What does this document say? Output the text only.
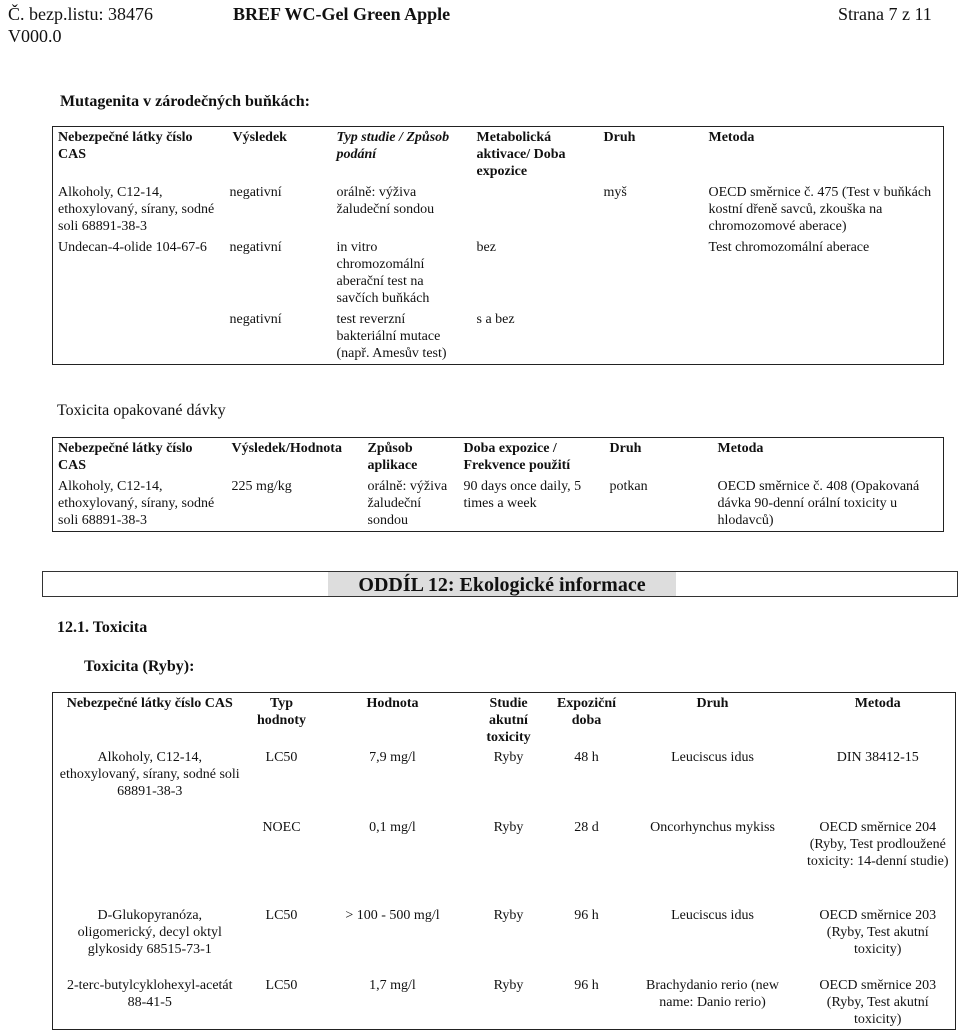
Č. bezp.listu: 38476
V000.0
BREF WC-Gel Green Apple	Strana 7 z 11
Mutagenita v zárodečných buňkách:
Nebezpečné látky číslo CAS	Výsledek	Typ studie / Způsob podání	Metabolická aktivace/ Doba expozice	Druh	Metoda
Alkoholy, C12-14, ethoxylovaný, sírany, sodné soli 68891-38-3	negativní	orálně: výživa žaludeční sondou		myš	OECD směrnice č. 475 (Test v buňkách kostní dřeně savců, zkouška na chromozomové aberace)
Undecan-4-olide 104-67-6	negativní	in vitro chromozomální aberační test na savčích buňkách	bez		Test chromozomální aberace
	negativní	test reverzní bakteriální mutace (např. Amesův test)	s a bez		
Toxicita opakované dávky
Nebezpečné látky číslo CAS	Výsledek/Hodnota	Způsob aplikace	Doba expozice / Frekvence použití	Druh	Metoda
Alkoholy, C12-14, ethoxylovaný, sírany, sodné soli 68891-38-3	225 mg/kg	orálně: výživa žaludeční sondou	90 days once daily, 5 times a week	potkan	OECD směrnice č. 408 (Opakovaná dávka 90-denní orální toxicity u hlodavců)
ODDÍL 12: Ekologické informace
12.1. Toxicita
Toxicita (Ryby):
Nebezpečné látky číslo CAS	Typ hodnoty	Hodnota	Studie akutní toxicity	Expoziční doba	Druh	Metoda
Alkoholy, C12-14, ethoxylovaný, sírany, sodné soli 68891-38-3	LC50	7,9 mg/l	Ryby	48 h	Leuciscus idus	DIN 38412-15
	NOEC	0,1 mg/l	Ryby	28 d	Oncorhynchus mykiss	OECD směrnice 204 (Ryby, Test prodloužené toxicity: 14-denní studie)
D-Glukopyranóza, oligomerický, decyl oktyl glykosidy 68515-73-1	LC50	> 100 - 500 mg/l	Ryby	96 h	Leuciscus idus	OECD směrnice 203 (Ryby, Test akutní toxicity)
2-terc-butylcyklohexyl-acetát 88-41-5	LC50	1,7 mg/l	Ryby	96 h	Brachydanio rerio (new name: Danio rerio)	OECD směrnice 203 (Ryby, Test akutní toxicity)
